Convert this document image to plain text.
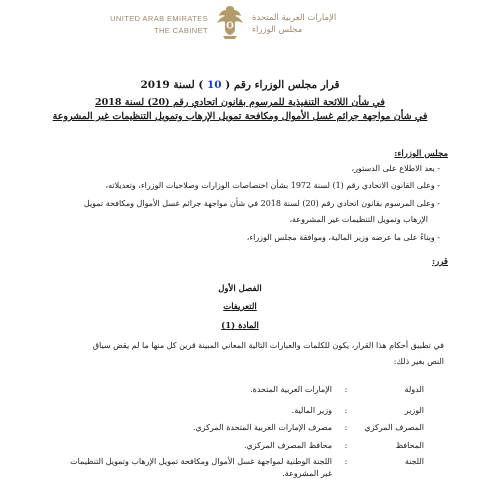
UNITED ARAB EMIRATES
THE CABINET
الإمارات العربية المتحدة
مجلس الوزراء
قرار مجلس الوزراء رقم ( 10 ) لسنة 2019
في شأن اللائحة التنفيذية للمرسوم بقانون اتحادي رقم (20) لسنة 2018
في شأن مواجهة جرائم غسل الأموال ومكافحة تمويل الإرهاب وتمويل التنظيمات غير المشروعة
مجلس الوزراء:
- بعد الاطلاع على الدستور،
- وعلى القانون الاتحادي رقم (1) لسنة 1972 بشأن اختصاصات الوزارات وصلاحيات الوزراء، وتعديلاته،
- وعلى المرسوم بقانون اتحادي رقم (20) لسنة 2018 في شأن مواجهة جرائم غسل الأموال ومكافحة تمويل
الإرهاب وتمويل التنظيمات غير المشروعة،
- وبناءً على ما عرضه وزير المالية، وموافقة مجلس الوزراء،
قرر:
الفصل الأول
التعريفات
المادة (1)
في تطبيق أحكام هذا القرار، يكون للكلمات والعبارات التالية المعاني المبينة قرين كل منها ما لم يقض سياق
النص بغير ذلك:
الدولة
:
الإمارات العربية المتحدة.
الوزير
:
وزير المالية.
المصرف المركزي
:
مصرف الإمارات العربية المتحدة المركزي.
المحافظ
:
محافظ المصرف المركزي.
اللجنة
:
اللجنة الوطنية لمواجهة غسل الأموال ومكافحة تمويل الإرهاب وتمويل التنظيمات
غير المشروعة.
